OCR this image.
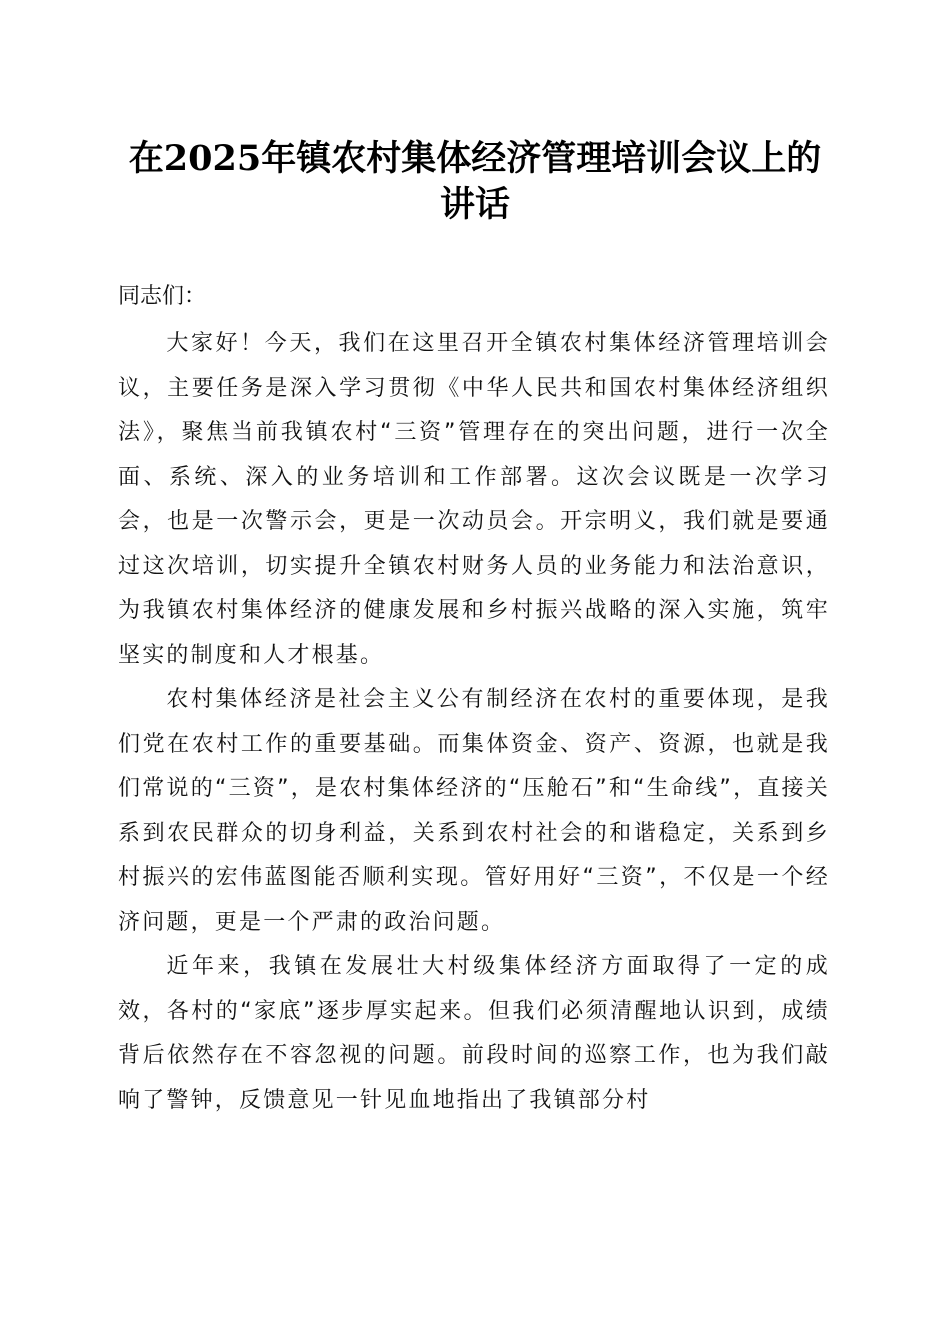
在2025年镇农村集体经济管理培训会议上的
讲话

同志们：

大家好！今天，我们在这里召开全镇农村集体经济管理培训会议，主要任务是深入学习贯彻《中华人民共和国农村集体经济组织法》，聚焦当前我镇农村“三资”管理存在的突出问题，进行一次全面、系统、深入的业务培训和工作部署。这次会议既是一次学习会，也是一次警示会，更是一次动员会。开宗明义，我们就是要通过这次培训，切实提升全镇农村财务人员的业务能力和法治意识，为我镇农村集体经济的健康发展和乡村振兴战略的深入实施，筑牢坚实的制度和人才根基。

农村集体经济是社会主义公有制经济在农村的重要体现，是我们党在农村工作的重要基础。而集体资金、资产、资源，也就是我们常说的“三资”，是农村集体经济的“压舱石”和“生命线”，直接关系到农民群众的切身利益，关系到农村社会的和谐稳定，关系到乡村振兴的宏伟蓝图能否顺利实现。管好用好“三资”，不仅是一个经济问题，更是一个严肃的政治问题。

近年来，我镇在发展壮大村级集体经济方面取得了一定的成效，各村的“家底”逐步厚实起来。但我们必须清醒地认识到，成绩背后依然存在不容忽视的问题。前段时间的巡察工作，也为我们敲响了警钟，反馈意见一针见血地指出了我镇部分村
